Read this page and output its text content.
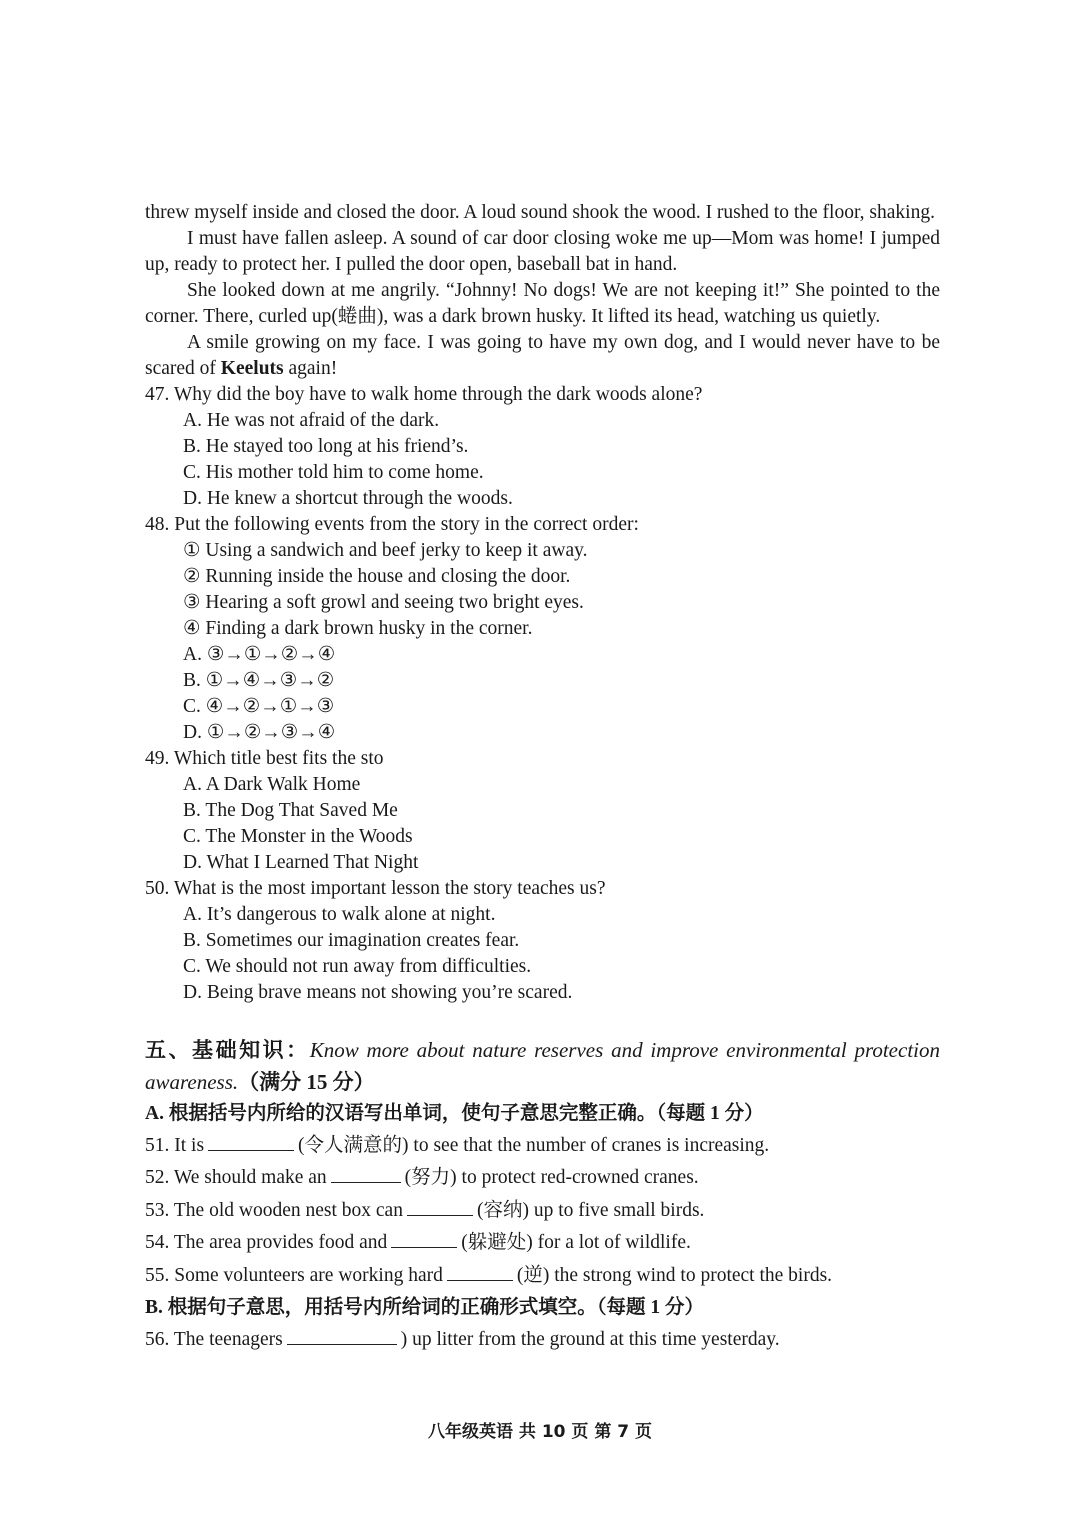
threw myself inside and closed the door. A loud sound shook the wood. I rushed to the floor, shaking.

I must have fallen asleep. A sound of car door closing woke me up—Mom was home! I jumped up, ready to protect her. I pulled the door open, baseball bat in hand.

She looked down at me angrily. “Johnny! No dogs! We are not keeping it!” She pointed to the corner. There, curled up(蜷曲), was a dark brown husky. It lifted its head, watching us quietly.

A smile growing on my face. I was going to have my own dog, and I would never have to be scared of Keeluts again!

47. Why did the boy have to walk home through the dark woods alone?

A. He was not afraid of the dark.

B. He stayed too long at his friend’s.

C. His mother told him to come home.

D. He knew a shortcut through the woods.

48. Put the following events from the story in the correct order:

① Using a sandwich and beef jerky to keep it away.

② Running inside the house and closing the door.

③ Hearing a soft growl and seeing two bright eyes.

④ Finding a dark brown husky in the corner.

A. ③→①→②→④

B. ①→④→③→②

C. ④→②→①→③

D. ①→②→③→④

49. Which title best fits the sto

A. A Dark Walk Home

B. The Dog That Saved Me

C. The Monster in the Woods

D. What I Learned That Night

50. What is the most important lesson the story teaches us?

A. It’s dangerous to walk alone at night.

B. Sometimes our imagination creates fear.

C. We should not run away from difficulties.

D. Being brave means not showing you’re scared.

五、基础知识：Know more about nature reserves and improve environmental protection awareness.（满分 15 分）

A. 根据括号内所给的汉语写出单词，使句子意思完整正确。（每题 1 分）

51. It is	(令人满意的) to see that the number of cranes is increasing.

52. We should make an	(努力) to protect red-crowned cranes.

53. The old wooden nest box can	(容纳) up to five small birds.

54. The area provides food and	(躲避处) for a lot of wildlife.

55. Some volunteers are working hard	(逆) the strong wind to protect the birds.

B. 根据句子意思，用括号内所给词的正确形式填空。（每题 1 分）

56. The teenagers	) up litter from the ground at this time yesterday.

八年级英语 共 10 页 第 7 页
